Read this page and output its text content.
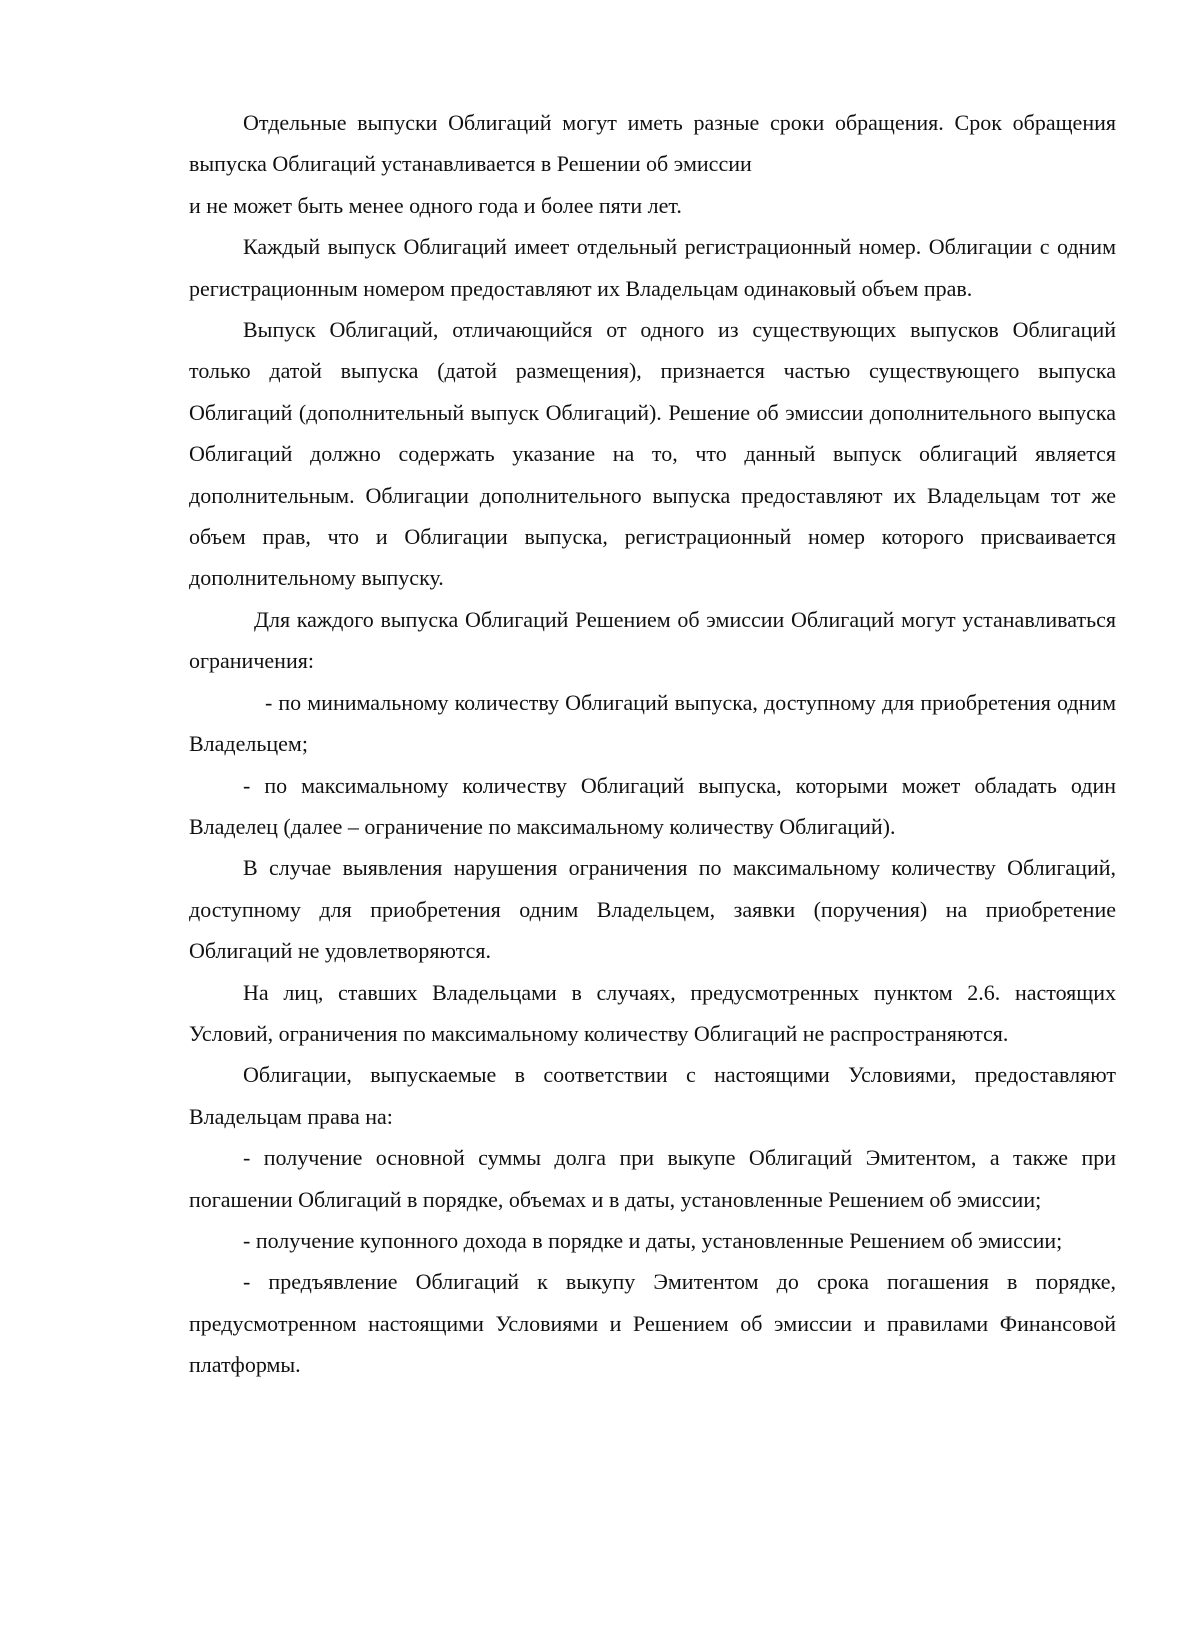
Отдельные выпуски Облигаций могут иметь разные сроки обращения. Срок обращения выпуска Облигаций устанавливается в Решении об эмиссии
и не может быть менее одного года и более пяти лет.

Каждый выпуск Облигаций имеет отдельный регистрационный номер. Облигации с одним регистрационным номером предоставляют их Владельцам одинаковый объем прав.

Выпуск Облигаций, отличающийся от одного из существующих выпусков Облигаций только датой выпуска (датой размещения), признается частью существующего выпуска Облигаций (дополнительный выпуск Облигаций). Решение об эмиссии дополнительного выпуска Облигаций должно содержать указание на то, что данный выпуск облигаций является дополнительным. Облигации дополнительного выпуска предоставляют их Владельцам тот же объем прав, что и Облигации выпуска, регистрационный номер которого присваивается дополнительному выпуску.

Для каждого выпуска Облигаций Решением об эмиссии Облигаций могут устанавливаться ограничения:

- по минимальному количеству Облигаций выпуска, доступному для приобретения одним Владельцем;

- по максимальному количеству Облигаций выпуска, которыми может обладать один Владелец (далее – ограничение по максимальному количеству Облигаций).

В случае выявления нарушения ограничения по максимальному количеству Облигаций, доступному для приобретения одним Владельцем, заявки (поручения) на приобретение Облигаций не удовлетворяются.

На лиц, ставших Владельцами в случаях, предусмотренных пунктом 2.6. настоящих Условий, ограничения по максимальному количеству Облигаций не распространяются.

Облигации, выпускаемые в соответствии с настоящими Условиями, предоставляют Владельцам права на:

- получение основной суммы долга при выкупе Облигаций Эмитентом, а также при погашении Облигаций в порядке, объемах и в даты, установленные Решением об эмиссии;

- получение купонного дохода в порядке и даты, установленные Решением об эмиссии;

- предъявление Облигаций к выкупу Эмитентом до срока погашения в порядке, предусмотренном настоящими Условиями и Решением об эмиссии и правилами Финансовой платформы.
